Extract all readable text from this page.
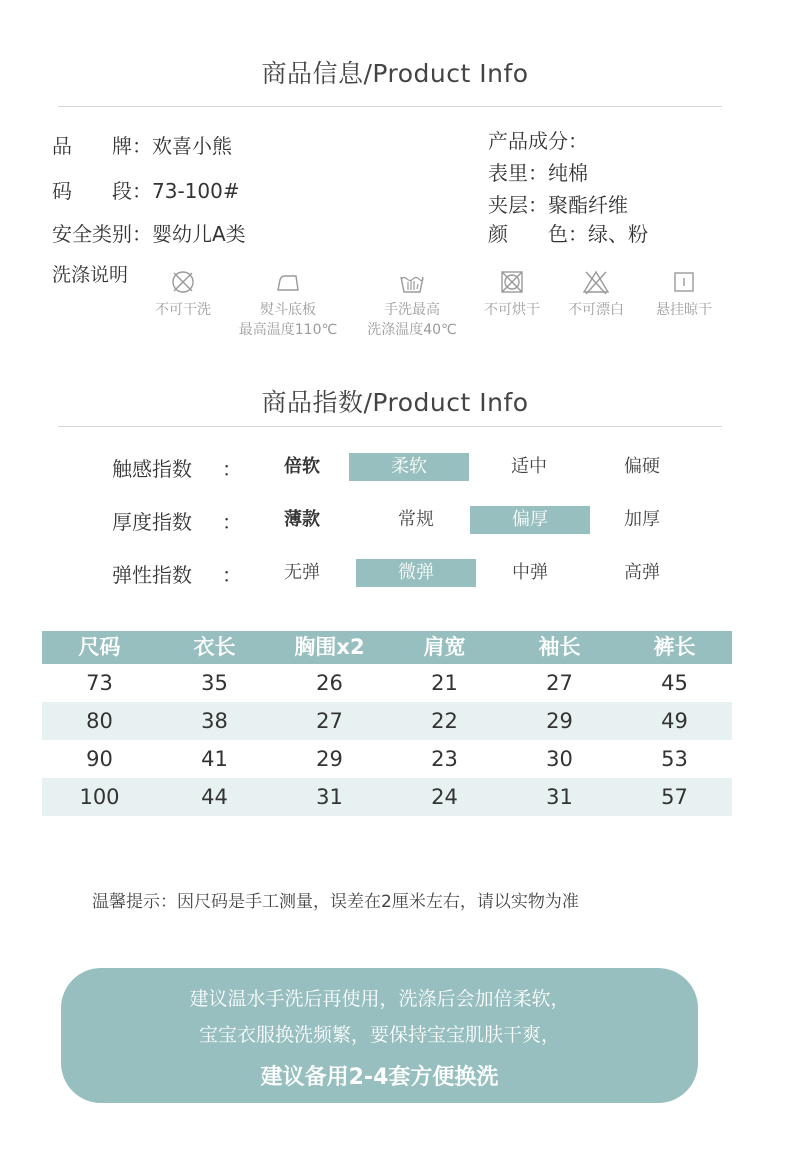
商品信息/Product Info
品　　牌：欢喜小熊
码　　段：73-100#
安全类别：婴幼儿A类
产品成分：
表里：纯棉
夹层：聚酯纤维
颜　　色：绿、粉
洗涤说明
不可干洗	熨斗底板
最高温度110℃
手洗最高
洗涤温度40℃
不可烘干	不可漂白	悬挂晾干
商品指数/Product Info
触感指数 ：	倍软	柔软	适中	偏硬
厚度指数 ：	薄款	常规	偏厚	加厚
弹性指数 ：	无弹	微弹	中弹	高弹
尺码	衣长	胸围x2	肩宽	袖长	裤长
73	35	26	21	27	45
80	38	27	22	29	49
90	41	29	23	30	53
100	44	31	24	31	57
温馨提示：因尺码是手工测量，误差在2厘米左右，请以实物为准
建议温水手洗后再使用，洗涤后会加倍柔软，
宝宝衣服换洗频繁，要保持宝宝肌肤干爽，
建议备用2-4套方便换洗
